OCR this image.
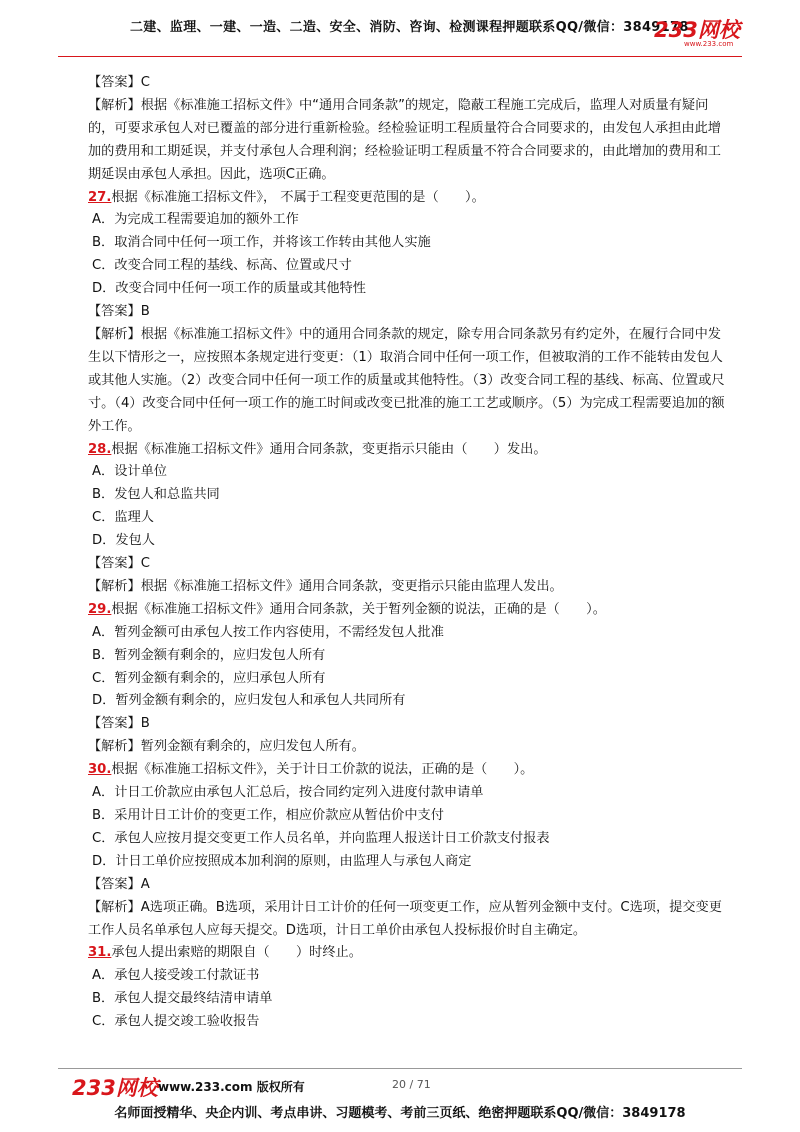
二建、监理、一建、一造、二造、安全、消防、咨询、检测课程押题联系QQ/微信：3849178
233网校
www.233.com
【答案】C
【解析】根据《标准施工招标文件》中“通用合同条款”的规定，隐蔽工程施工完成后，监理人对质量有疑问的，可要求承包人对已覆盖的部分进行重新检验。经检验证明工程质量符合合同要求的，由发包人承担由此增加的费用和工期延误，并支付承包人合理利润；经检验证明工程质量不符合合同要求的，由此增加的费用和工期延误由承包人承担。因此，选项C正确。
27.根据《标准施工招标文件》， 不属于工程变更范围的是（　　）。
A．为完成工程需要追加的额外工作
B．取消合同中任何一项工作，并将该工作转由其他人实施
C．改变合同工程的基线、标高、位置或尺寸
D．改变合同中任何一项工作的质量或其他特性
【答案】B
【解析】根据《标准施工招标文件》中的通用合同条款的规定，除专用合同条款另有约定外，在履行合同中发生以下情形之一，应按照本条规定进行变更：（1）取消合同中任何一项工作，但被取消的工作不能转由发包人或其他人实施。（2）改变合同中任何一项工作的质量或其他特性。（3）改变合同工程的基线、标高、位置或尺寸。（4）改变合同中任何一项工作的施工时间或改变已批准的施工工艺或顺序。（5）为完成工程需要追加的额外工作。
28.根据《标准施工招标文件》通用合同条款，变更指示只能由（　　）发出。
A．设计单位
B．发包人和总监共同
C．监理人
D．发包人
【答案】C
【解析】根据《标准施工招标文件》通用合同条款，变更指示只能由监理人发出。
29.根据《标准施工招标文件》通用合同条款，关于暂列金额的说法，正确的是（　　）。
A．暂列金额可由承包人按工作内容使用，不需经发包人批准
B．暂列金额有剩余的，应归发包人所有
C．暂列金额有剩余的，应归承包人所有
D．暂列金额有剩余的，应归发包人和承包人共同所有
【答案】B
【解析】暂列金额有剩余的，应归发包人所有。
30.根据《标准施工招标文件》，关于计日工价款的说法，正确的是（　　）。
A．计日工价款应由承包人汇总后，按合同约定列入进度付款申请单
B．采用计日工计价的变更工作，相应价款应从暂估价中支付
C．承包人应按月提交变更工作人员名单，并向监理人报送计日工价款支付报表
D．计日工单价应按照成本加利润的原则，由监理人与承包人商定
【答案】A
【解析】A选项正确。B选项，采用计日工计价的任何一项变更工作，应从暂列金额中支付。C选项，提交变更工作人员名单承包人应每天提交。D选项，计日工单价由承包人投标报价时自主确定。
31.承包人提出索赔的期限自（　　）时终止。
A．承包人接受竣工付款证书
B．承包人提交最终结清申请单
C．承包人提交竣工验收报告
233网校 www.233.com 版权所有	20 / 71
名师面授精华、央企内训、考点串讲、习题模考、考前三页纸、绝密押题联系QQ/微信：3849178
